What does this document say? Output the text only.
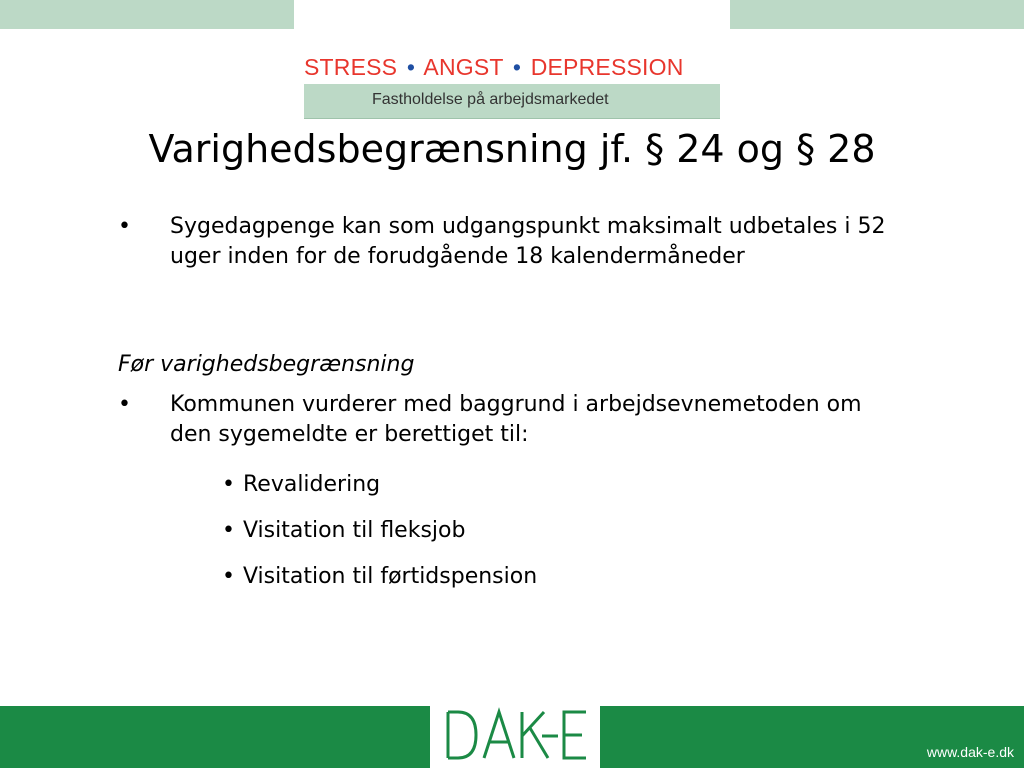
STRESS • ANGST • DEPRESSION
Fastholdelse på arbejdsmarkedet
Varighedsbegrænsning jf. § 24 og § 28
•	Sygedagpenge kan som udgangspunkt maksimalt udbetales i 52 uger inden for de forudgående 18 kalendermåneder
Før varighedsbegrænsning
•	Kommunen vurderer med baggrund i arbejdsevnemetoden om den sygemeldte er berettiget til:
• Revalidering
• Visitation til fleksjob
• Visitation til førtidspension
www.dak-e.dk
